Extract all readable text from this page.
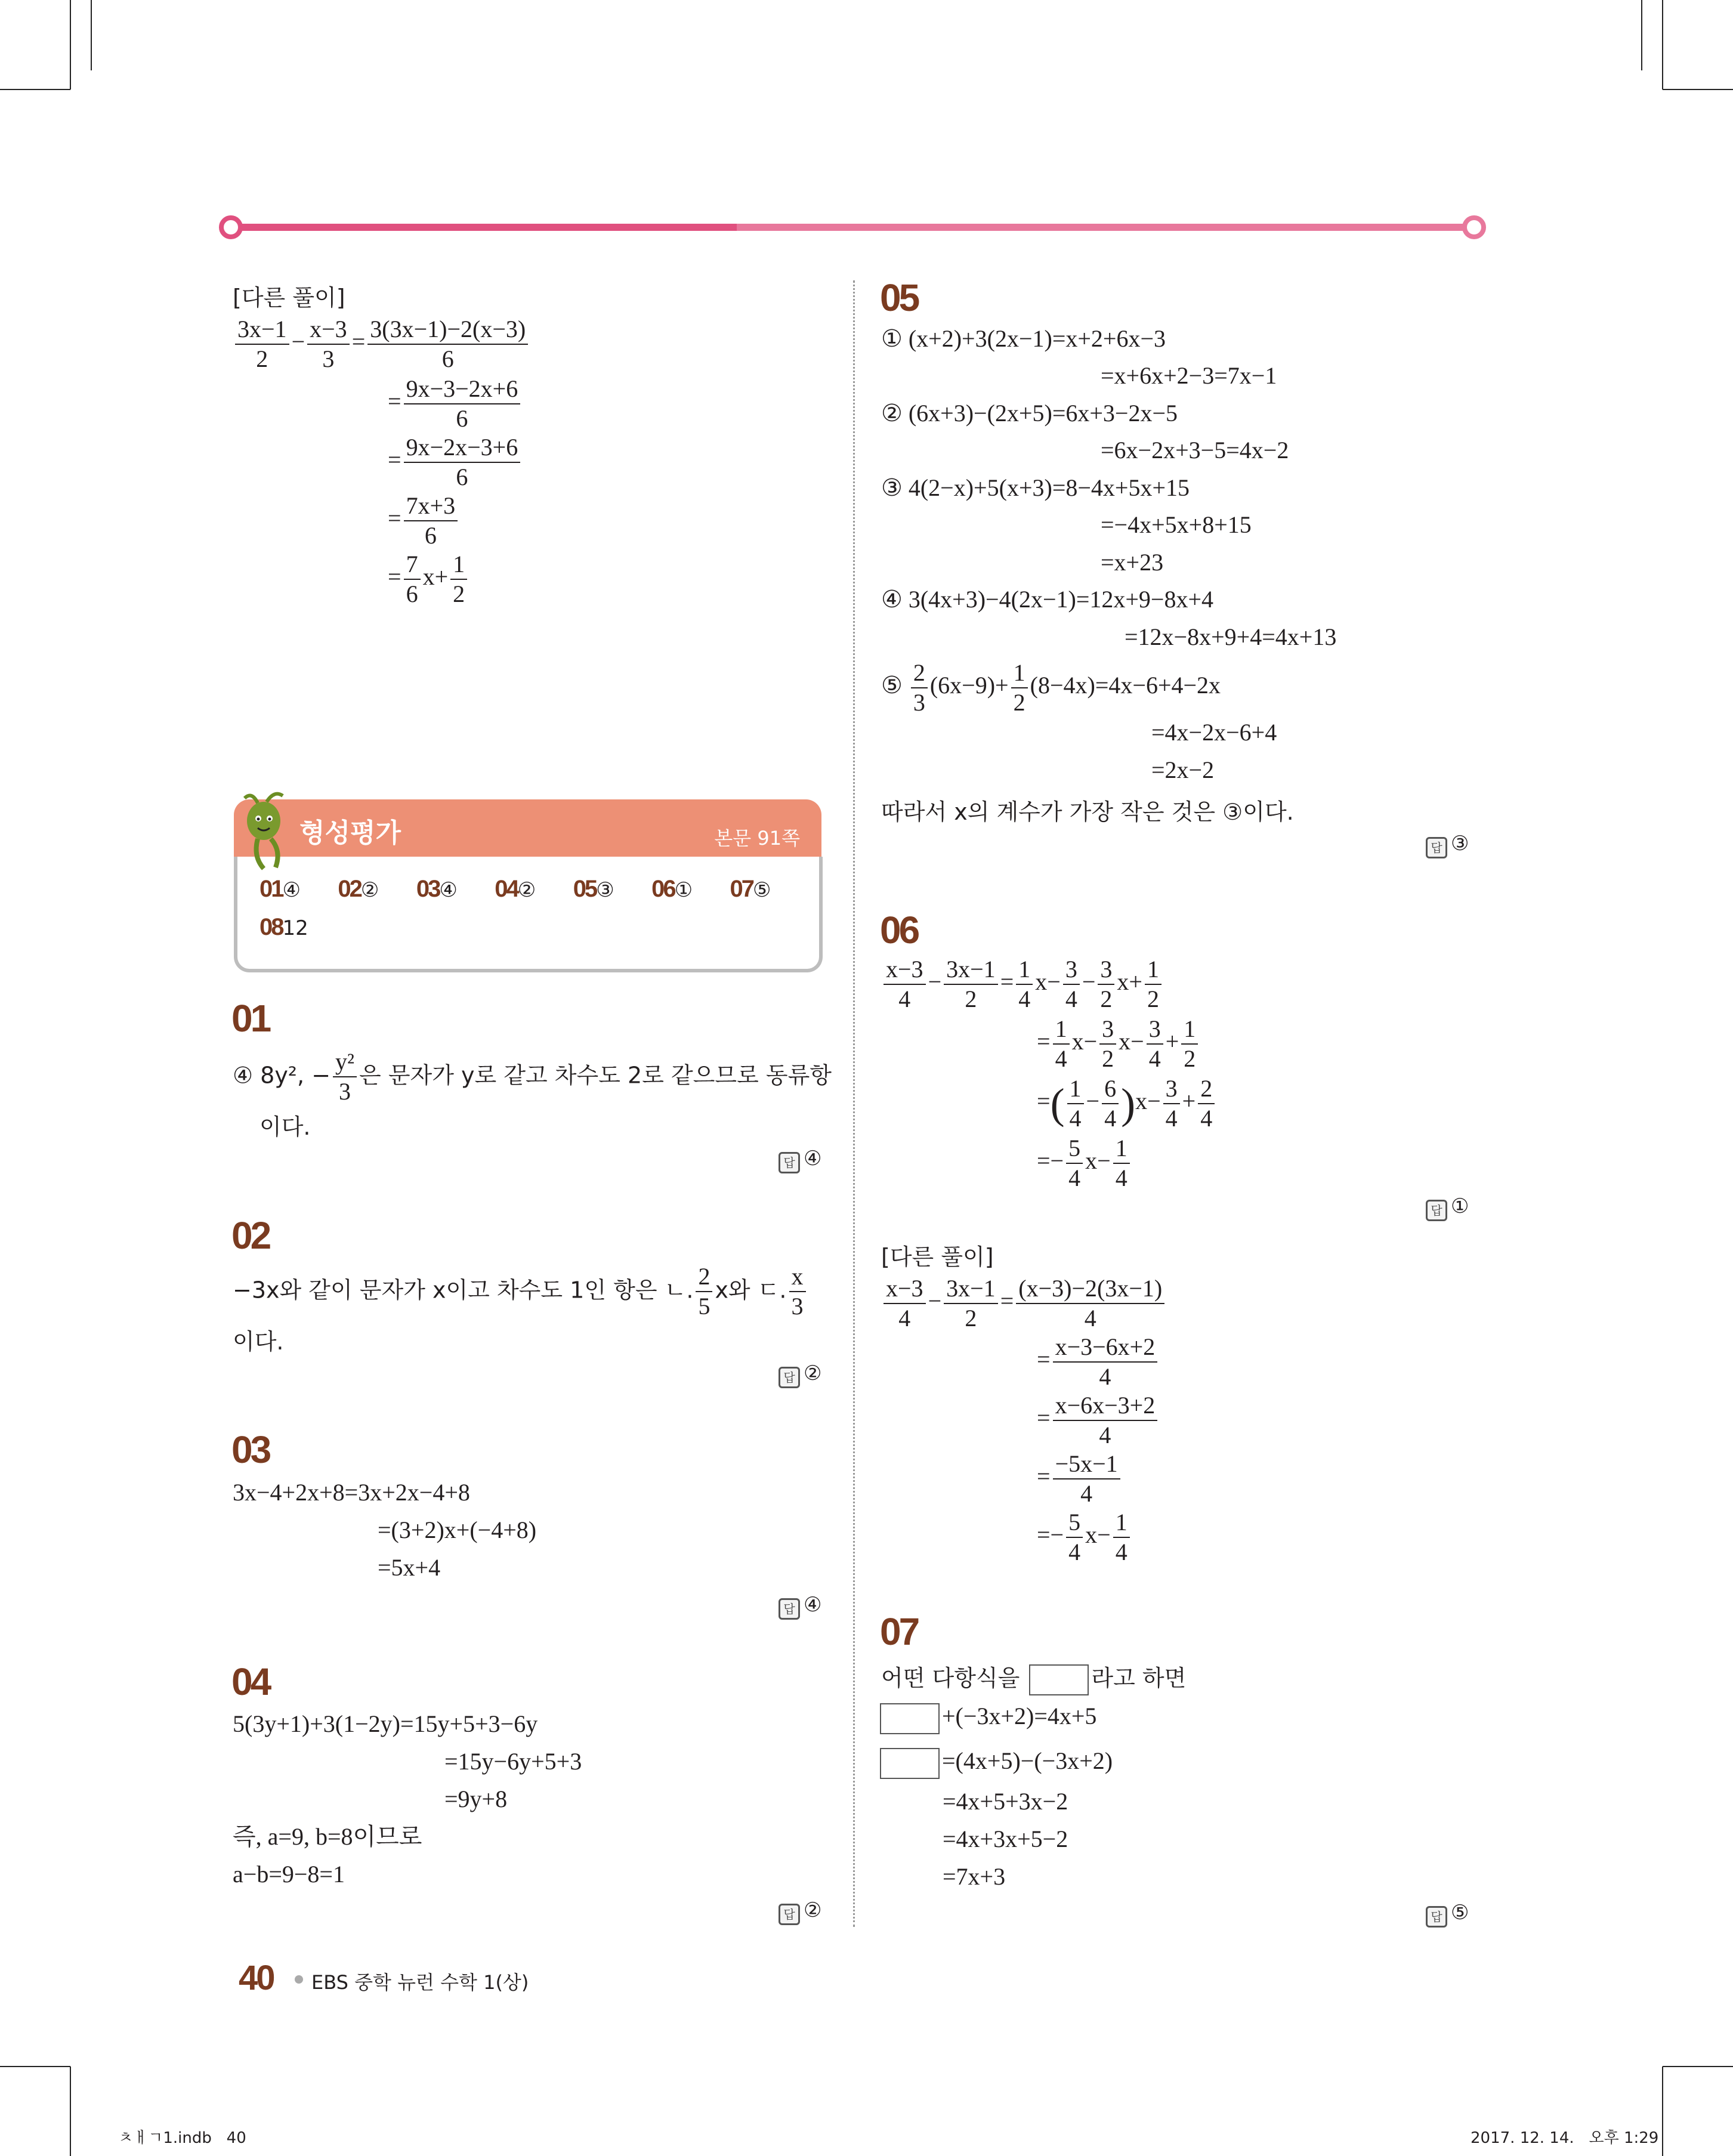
[다른 풀이]
$\frac{3x-1}{2} - \frac{x-3}{3} = \frac{3(3x-1)-2(x-3)}{6}$
= $\frac{9x-3-2x+6}{6}$
= $\frac{9x-2x-3+6}{6}$
= $\frac{7x+3}{6}$
= $\frac{7}{6} x+ \frac{1}{2}$
형성평가	본문 91쪽
01④	02②	03④	04②	05③	06①	07⑤
0812
01
④ 8y², − $\frac{\text{y²}}{3}$ 은 문자가 y로 같고 차수도 2로 같으므로 동류항
이다.
답 ④
02
−3x와 같이 문자가 x이고 차수도 1인 항은 ㄴ. $\frac{2}{5}$ x와 ㄷ. $\frac{x}{3}$
이다.
답 ②
03
3x−4+2x+8=3x+2x−4+8
=(3+2)x+(−4+8)
=5x+4
답 ④
04
5(3y+1)+3(1−2y)=15y+5+3−6y
=15y−6y+5+3
=9y+8
즉, a=9, b=8이므로
a−b=9−8=1
답 ②
05
① (x+2)+3(2x−1)=x+2+6x−3
=x+6x+2−3=7x−1
② (6x+3)−(2x+5)=6x+3−2x−5
=6x−2x+3−5=4x−2
③ 4(2−x)+5(x+3)=8−4x+5x+15
=−4x+5x+8+15
=x+23
④ 3(4x+3)−4(2x−1)=12x+9−8x+4
=12x−8x+9+4=4x+13
⑤ $\frac{2}{3} (6x-9)+ \frac{1}{2} (8-4x)=4x-6+4-2x$
=4x−2x−6+4
=2x−2
따라서 x의 계수가 가장 작은 것은 ③이다.
답 ③
06
$\frac{x-3}{4} - \frac{3x-1}{2} = \frac{1}{4} x- \frac{3}{4} - \frac{3}{2} x+ \frac{1}{2}$
= $\frac{1}{4} x- \frac{3}{2} x- \frac{3}{4} + \frac{1}{2}$
=( $\frac{1}{4} - \frac{6}{4} )x- \frac{3}{4} + \frac{2}{4}$
=− $\frac{5}{4} x- \frac{1}{4}$
답 ①
[다른 풀이]
$\frac{x-3}{4} - \frac{3x-1}{2} = \frac{(x-3)-2(3x-1)}{4}$
= $\frac{x-3-6x+2}{4}$
= $\frac{x-6x-3+2}{4}$
= $\frac{-5x-1}{4}$
=− $\frac{5}{4} x- \frac{1}{4}$
07
어떤 다항식을	라고 하면
+(−3x+2)=4x+5
=(4x+5)−(−3x+2)
=4x+5+3x−2
=4x+3x+5−2
=7x+3
답 ⑤
40 EBS 중학 뉴런 수학 1(상)
ㅊㅐㄱ1.indb   40	2017. 12. 14.   오후 1:29
